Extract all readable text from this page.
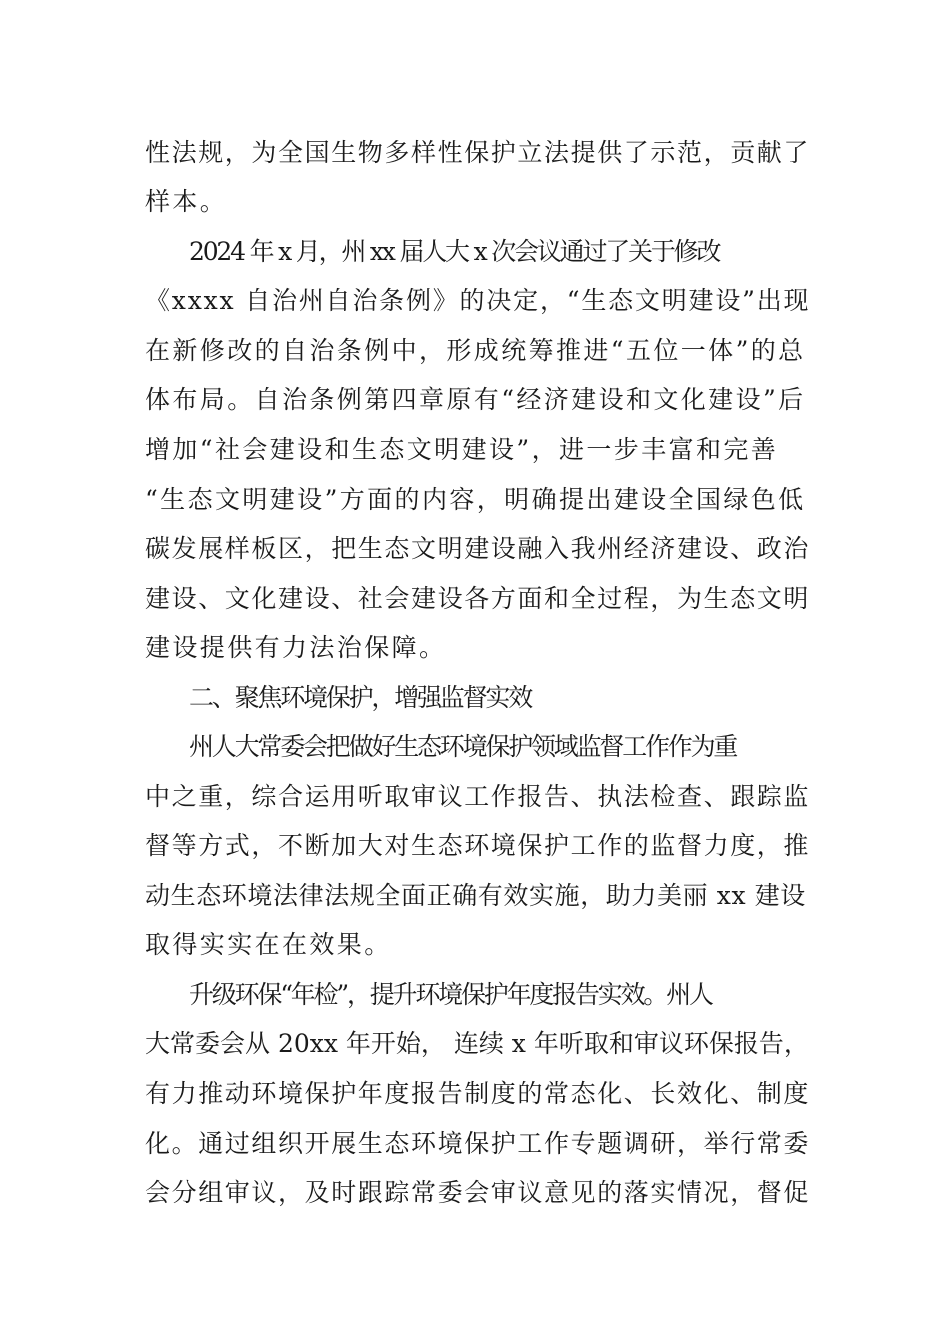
性法规，为全国生物多样性保护立法提供了示范，贡献了
样本。
2024 年 x 月，州 xx 届人大 x 次会议通过了关于修改
《xxxx 自治州自治条例》的决定，“生态文明建设”出现
在新修改的自治条例中，形成统筹推进“五位一体”的总
体布局。自治条例第四章原有“经济建设和文化建设”后
增加“社会建设和生态文明建设”，进一步丰富和完善
“生态文明建设”方面的内容，明确提出建设全国绿色低
碳发展样板区，把生态文明建设融入我州经济建设、政治
建设、文化建设、社会建设各方面和全过程，为生态文明
建设提供有力法治保障。
二、聚焦环境保护，增强监督实效
州人大常委会把做好生态环境保护领域监督工作作为重
中之重，综合运用听取审议工作报告、执法检查、跟踪监
督等方式，不断加大对生态环境保护工作的监督力度，推
动生态环境法律法规全面正确有效实施，助力美丽 xx 建设
取得实实在在效果。
升级环保“年检”，提升环境保护年度报告实效。州人
大常委会从 20xx 年开始， 连续 x 年听取和审议环保报告，
有力推动环境保护年度报告制度的常态化、长效化、制度
化。通过组织开展生态环境保护工作专题调研，举行常委
会分组审议，及时跟踪常委会审议意见的落实情况，督促
